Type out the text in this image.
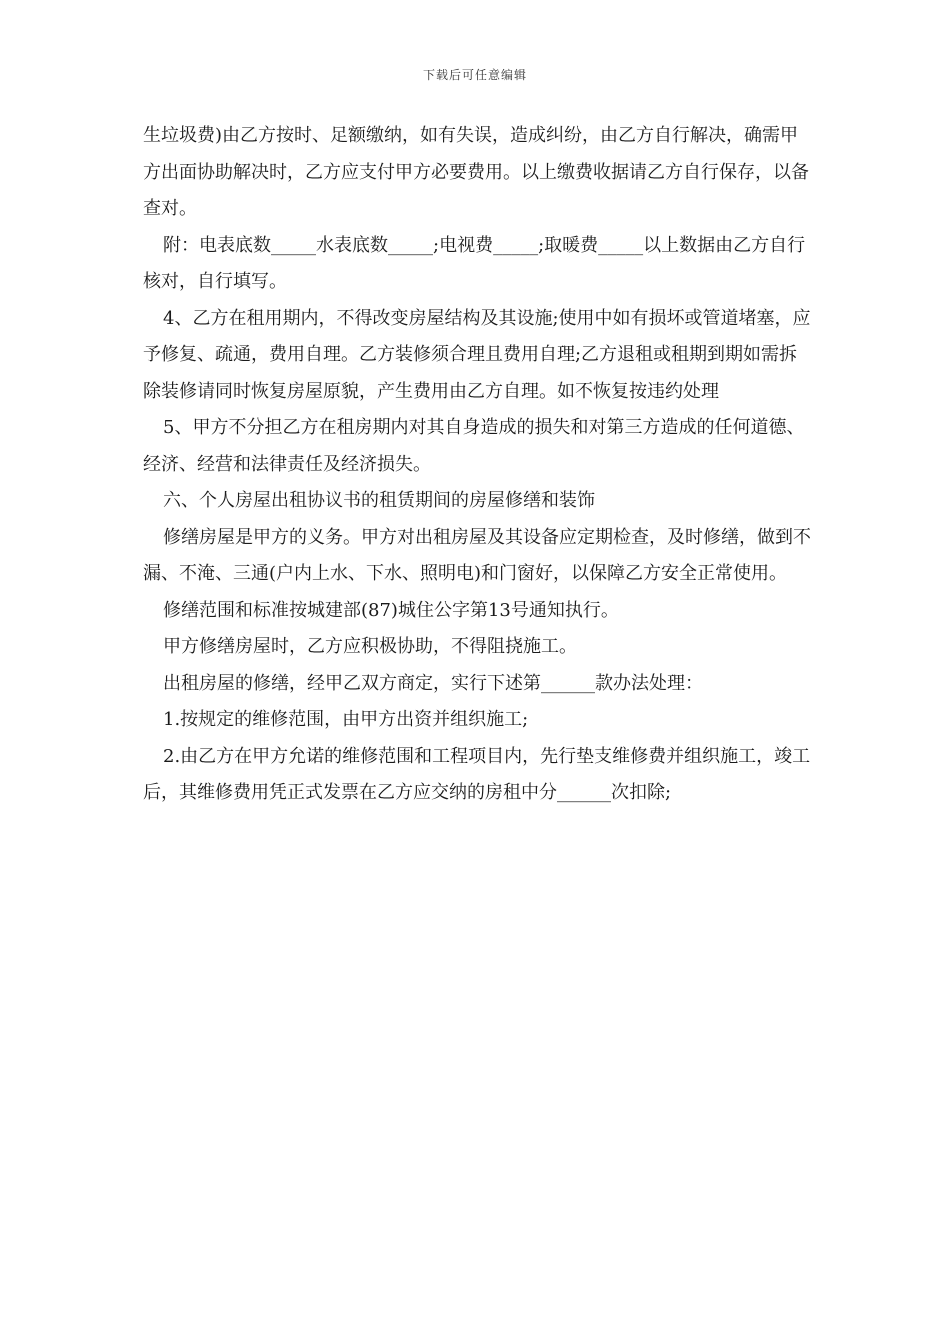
下载后可任意编辑

生垃圾费)由乙方按时、足额缴纳，如有失误，造成纠纷，由乙方自行解决，确需甲方出面协助解决时，乙方应支付甲方必要费用。以上缴费收据请乙方自行保存，以备查对。

附：电表底数_____水表底数_____;电视费_____;取暖费_____以上数据由乙方自行核对，自行填写。

4、乙方在租用期内，不得改变房屋结构及其设施;使用中如有损坏或管道堵塞，应予修复、疏通，费用自理。乙方装修须合理且费用自理;乙方退租或租期到期如需拆除装修请同时恢复房屋原貌，产生费用由乙方自理。如不恢复按违约处理

5、甲方不分担乙方在租房期内对其自身造成的损失和对第三方造成的任何道德、经济、经营和法律责任及经济损失。

六、个人房屋出租协议书的租赁期间的房屋修缮和装饰

修缮房屋是甲方的义务。甲方对出租房屋及其设备应定期检查，及时修缮，做到不漏、不淹、三通(户内上水、下水、照明电)和门窗好，以保障乙方安全正常使用。

修缮范围和标准按城建部(87)城住公字第13号通知执行。

甲方修缮房屋时，乙方应积极协助，不得阻挠施工。

出租房屋的修缮，经甲乙双方商定，实行下述第______款办法处理：

1.按规定的维修范围，由甲方出资并组织施工;

2.由乙方在甲方允诺的维修范围和工程项目内，先行垫支维修费并组织施工，竣工后，其维修费用凭正式发票在乙方应交纳的房租中分______次扣除;
